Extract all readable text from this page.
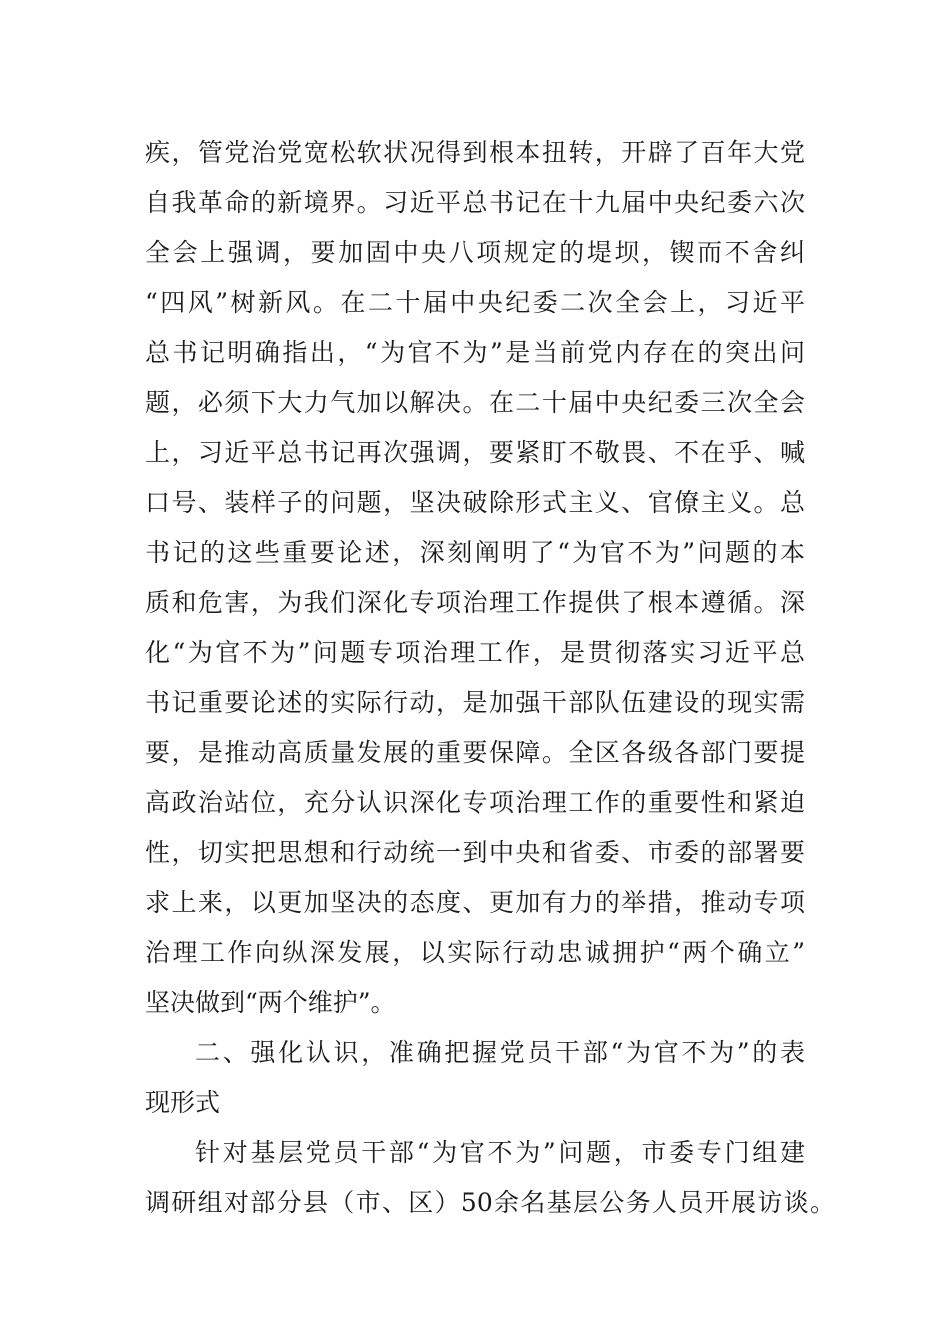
疾，管党治党宽松软状况得到根本扭转，开辟了百年大党
自我革命的新境界。习近平总书记在十九届中央纪委六次
全会上强调，要加固中央八项规定的堤坝，锲而不舍纠
“四风”树新风。在二十届中央纪委二次全会上，习近平
总书记明确指出，“为官不为”是当前党内存在的突出问
题，必须下大力气加以解决。在二十届中央纪委三次全会
上，习近平总书记再次强调，要紧盯不敬畏、不在乎、喊
口号、装样子的问题，坚决破除形式主义、官僚主义。总
书记的这些重要论述，深刻阐明了“为官不为”问题的本
质和危害，为我们深化专项治理工作提供了根本遵循。深
化“为官不为”问题专项治理工作，是贯彻落实习近平总
书记重要论述的实际行动，是加强干部队伍建设的现实需
要，是推动高质量发展的重要保障。全区各级各部门要提
高政治站位，充分认识深化专项治理工作的重要性和紧迫
性，切实把思想和行动统一到中央和省委、市委的部署要
求上来，以更加坚决的态度、更加有力的举措，推动专项
治理工作向纵深发展，以实际行动忠诚拥护“两个确立”
坚决做到“两个维护”。
二、强化认识，准确把握党员干部“为官不为”的表
现形式
针对基层党员干部“为官不为”问题，市委专门组建
调研组对部分县（市、区）50余名基层公务人员开展访谈。
